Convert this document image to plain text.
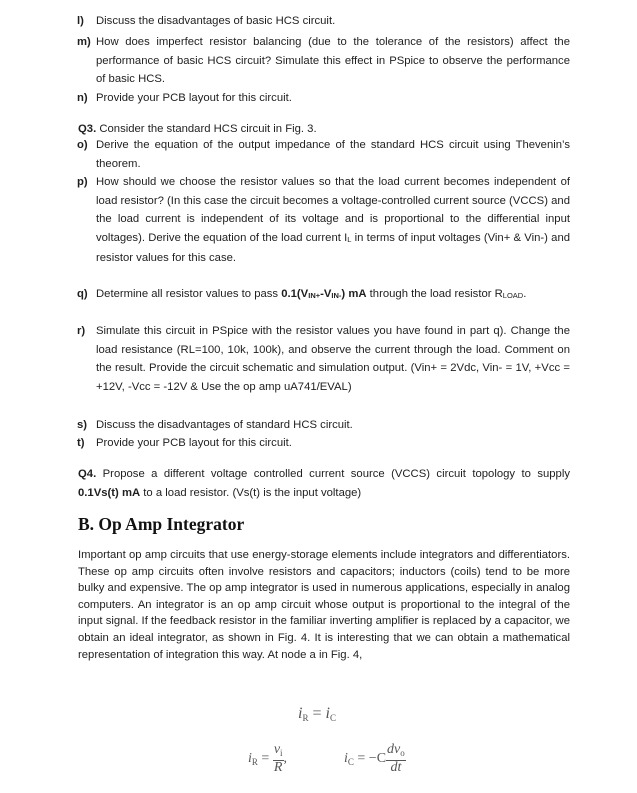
l) Discuss the disadvantages of basic HCS circuit.
m) How does imperfect resistor balancing (due to the tolerance of the resistors) affect the performance of basic HCS circuit? Simulate this effect in PSpice to observe the performance of basic HCS.
n) Provide your PCB layout for this circuit.
Q3. Consider the standard HCS circuit in Fig. 3.
o) Derive the equation of the output impedance of the standard HCS circuit using Thevenin’s theorem.
p) How should we choose the resistor values so that the load current becomes independent of load resistor? (In this case the circuit becomes a voltage-controlled current source (VCCS) and the load current is independent of its voltage and is proportional to the differential input voltages). Derive the equation of the load current IL in terms of input voltages (Vin+ & Vin-) and resistor values for this case.
q) Determine all resistor values to pass 0.1(VIN+-VIN-) mA through the load resistor RLOAD.
r) Simulate this circuit in PSpice with the resistor values you have found in part q). Change the load resistance (RL=100, 10k, 100k), and observe the current through the load. Comment on the result. Provide the circuit schematic and simulation output. (Vin+ = 2Vdc, Vin- = 1V, +Vcc = +12V, -Vcc = -12V & Use the op amp uA741/EVAL)
s) Discuss the disadvantages of standard HCS circuit.
t) Provide your PCB layout for this circuit.
Q4. Propose a different voltage controlled current source (VCCS) circuit topology to supply 0.1Vs(t) mA to a load resistor. (Vs(t) is the input voltage)
B. Op Amp Integrator
Important op amp circuits that use energy-storage elements include integrators and differentiators. These op amp circuits often involve resistors and capacitors; inductors (coils) tend to be more bulky and expensive. The op amp integrator is used in numerous applications, especially in analog computers. An integrator is an op amp circuit whose output is proportional to the integral of the input signal. If the feedback resistor in the familiar inverting amplifier is replaced by a capacitor, we obtain an ideal integrator, as shown in Fig. 4. It is interesting that we can obtain a mathematical representation of integration this way. At node a in Fig. 4,
iR = iC
$i_R = \frac{v_i}{R}$ ,	$i_C = -C \frac{dv_o}{dt}$
